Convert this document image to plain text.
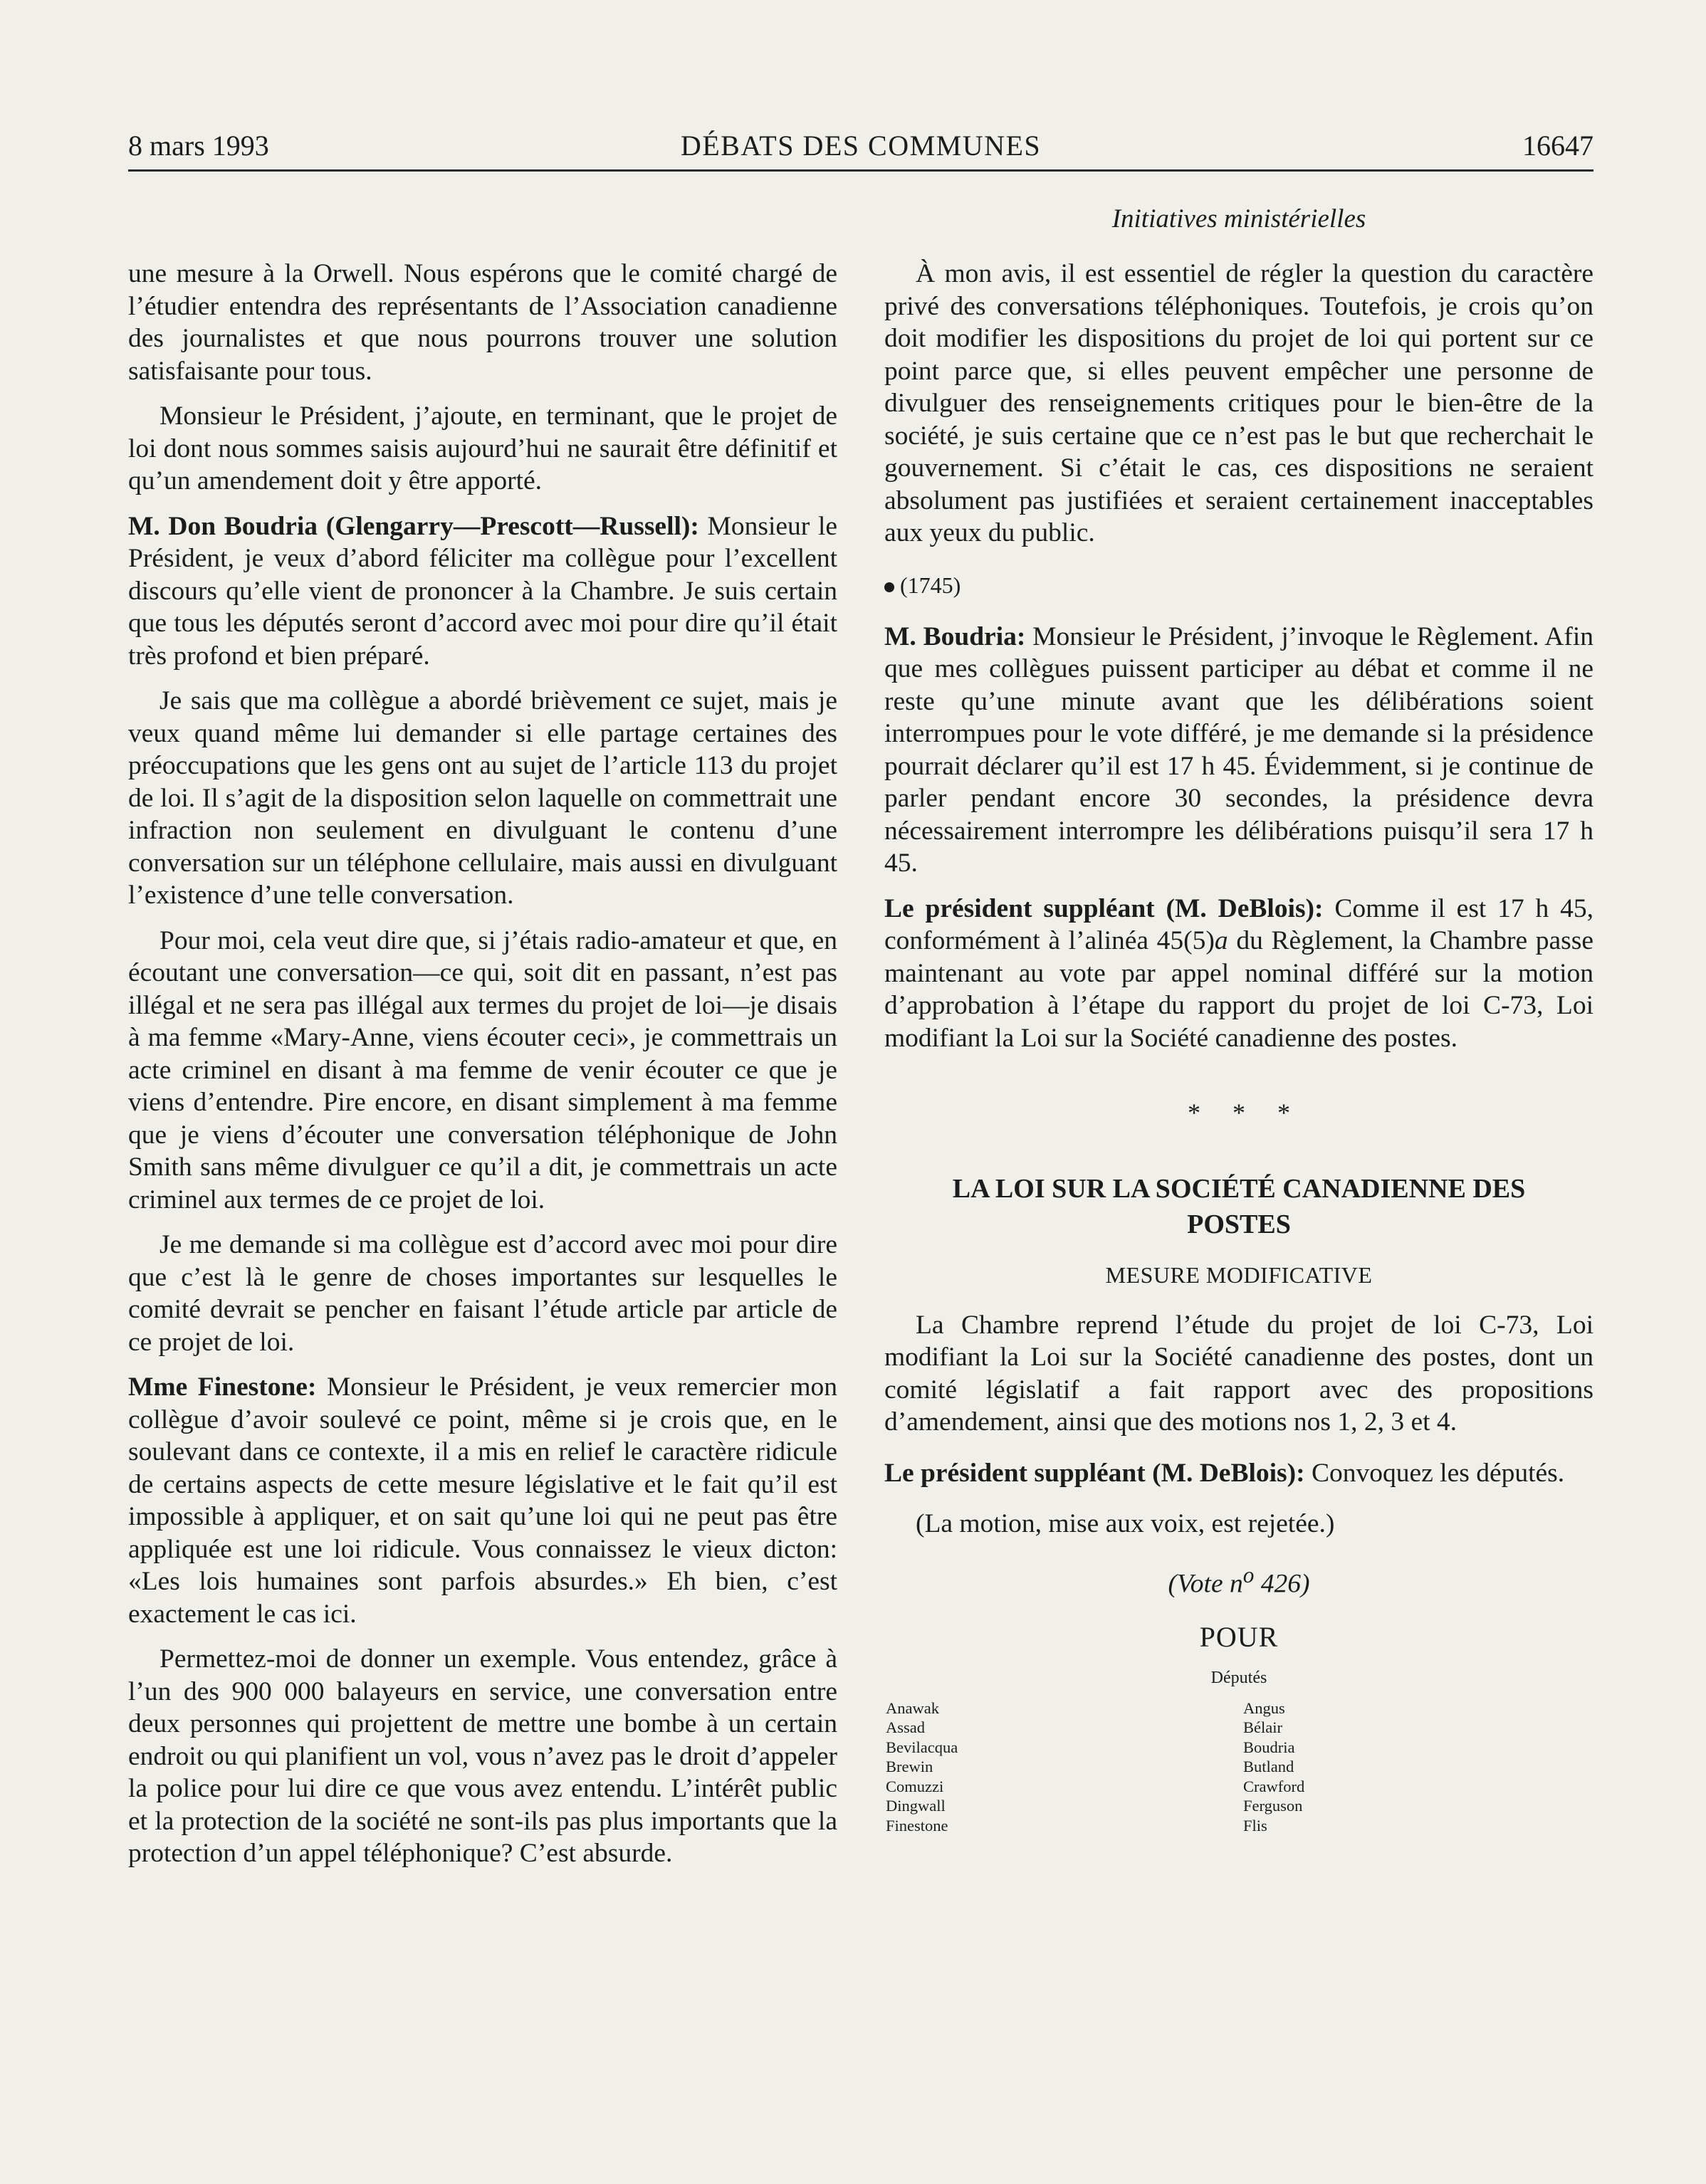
8 mars 1993	DÉBATS DES COMMUNES	16647
Initiatives ministérielles

une mesure à la Orwell. Nous espérons que le comité chargé de l’étudier entendra des représentants de l’Association canadienne des journalistes et que nous pourrons trouver une solution satisfaisante pour tous.

Monsieur le Président, j’ajoute, en terminant, que le projet de loi dont nous sommes saisis aujourd’hui ne saurait être définitif et qu’un amendement doit y être apporté.

M. Don Boudria (Glengarry—Prescott—Russell): Monsieur le Président, je veux d’abord féliciter ma collègue pour l’excellent discours qu’elle vient de prononcer à la Chambre. Je suis certain que tous les députés seront d’accord avec moi pour dire qu’il était très profond et bien préparé.

Je sais que ma collègue a abordé brièvement ce sujet, mais je veux quand même lui demander si elle partage certaines des préoccupations que les gens ont au sujet de l’article 113 du projet de loi. Il s’agit de la disposition selon laquelle on commettrait une infraction non seulement en divulguant le contenu d’une conversation sur un téléphone cellulaire, mais aussi en divulguant l’existence d’une telle conversation.

Pour moi, cela veut dire que, si j’étais radio-amateur et que, en écoutant une conversation—ce qui, soit dit en passant, n’est pas illégal et ne sera pas illégal aux termes du projet de loi—je disais à ma femme «Mary-Anne, viens écouter ceci», je commettrais un acte criminel en disant à ma femme de venir écouter ce que je viens d’entendre. Pire encore, en disant simplement à ma femme que je viens d’écouter une conversation téléphonique de John Smith sans même divulguer ce qu’il a dit, je commettrais un acte criminel aux termes de ce projet de loi.

Je me demande si ma collègue est d’accord avec moi pour dire que c’est là le genre de choses importantes sur lesquelles le comité devrait se pencher en faisant l’étude article par article de ce projet de loi.

Mme Finestone: Monsieur le Président, je veux remercier mon collègue d’avoir soulevé ce point, même si je crois que, en le soulevant dans ce contexte, il a mis en relief le caractère ridicule de certains aspects de cette mesure législative et le fait qu’il est impossible à appliquer, et on sait qu’une loi qui ne peut pas être appliquée est une loi ridicule. Vous connaissez le vieux dicton: «Les lois humaines sont parfois absurdes.» Eh bien, c’est exactement le cas ici.

Permettez-moi de donner un exemple. Vous entendez, grâce à l’un des 900 000 balayeurs en service, une conversation entre deux personnes qui projettent de mettre une bombe à un certain endroit ou qui planifient un vol, vous n’avez pas le droit d’appeler la police pour lui dire ce que vous avez entendu. L’intérêt public et la protection de la société ne sont-ils pas plus importants que la protection d’un appel téléphonique? C’est absurde.

À mon avis, il est essentiel de régler la question du caractère privé des conversations téléphoniques. Toutefois, je crois qu’on doit modifier les dispositions du projet de loi qui portent sur ce point parce que, si elles peuvent empêcher une personne de divulguer des renseignements critiques pour le bien-être de la société, je suis certaine que ce n’est pas le but que recherchait le gouvernement. Si c’était le cas, ces dispositions ne seraient absolument pas justifiées et seraient certainement inacceptables aux yeux du public.

(1745)

M. Boudria: Monsieur le Président, j’invoque le Règlement. Afin que mes collègues puissent participer au débat et comme il ne reste qu’une minute avant que les délibérations soient interrompues pour le vote différé, je me demande si la présidence pourrait déclarer qu’il est 17 h 45. Évidemment, si je continue de parler pendant encore 30 secondes, la présidence devra nécessairement interrompre les délibérations puisqu’il sera 17 h 45.

Le président suppléant (M. DeBlois): Comme il est 17 h 45, conformément à l’alinéa 45(5)a du Règlement, la Chambre passe maintenant au vote par appel nominal différé sur la motion d’approbation à l’étape du rapport du projet de loi C-73, Loi modifiant la Loi sur la Société canadienne des postes.

* * *
LA LOI SUR LA SOCIÉTÉ CANADIENNE DES POSTES
MESURE MODIFICATIVE

La Chambre reprend l’étude du projet de loi C-73, Loi modifiant la Loi sur la Société canadienne des postes, dont un comité législatif a fait rapport avec des propositions d’amendement, ainsi que des motions nos 1, 2, 3 et 4.

Le président suppléant (M. DeBlois): Convoquez les députés.

(La motion, mise aux voix, est rejetée.)

(Vote $n^o$ 426)
POUR
Députés
Anawak
Assad
Bevilacqua
Brewin
Comuzzi
Dingwall
Finestone
Angus
Bélair
Boudria
Butland
Crawford
Ferguson
Flis
